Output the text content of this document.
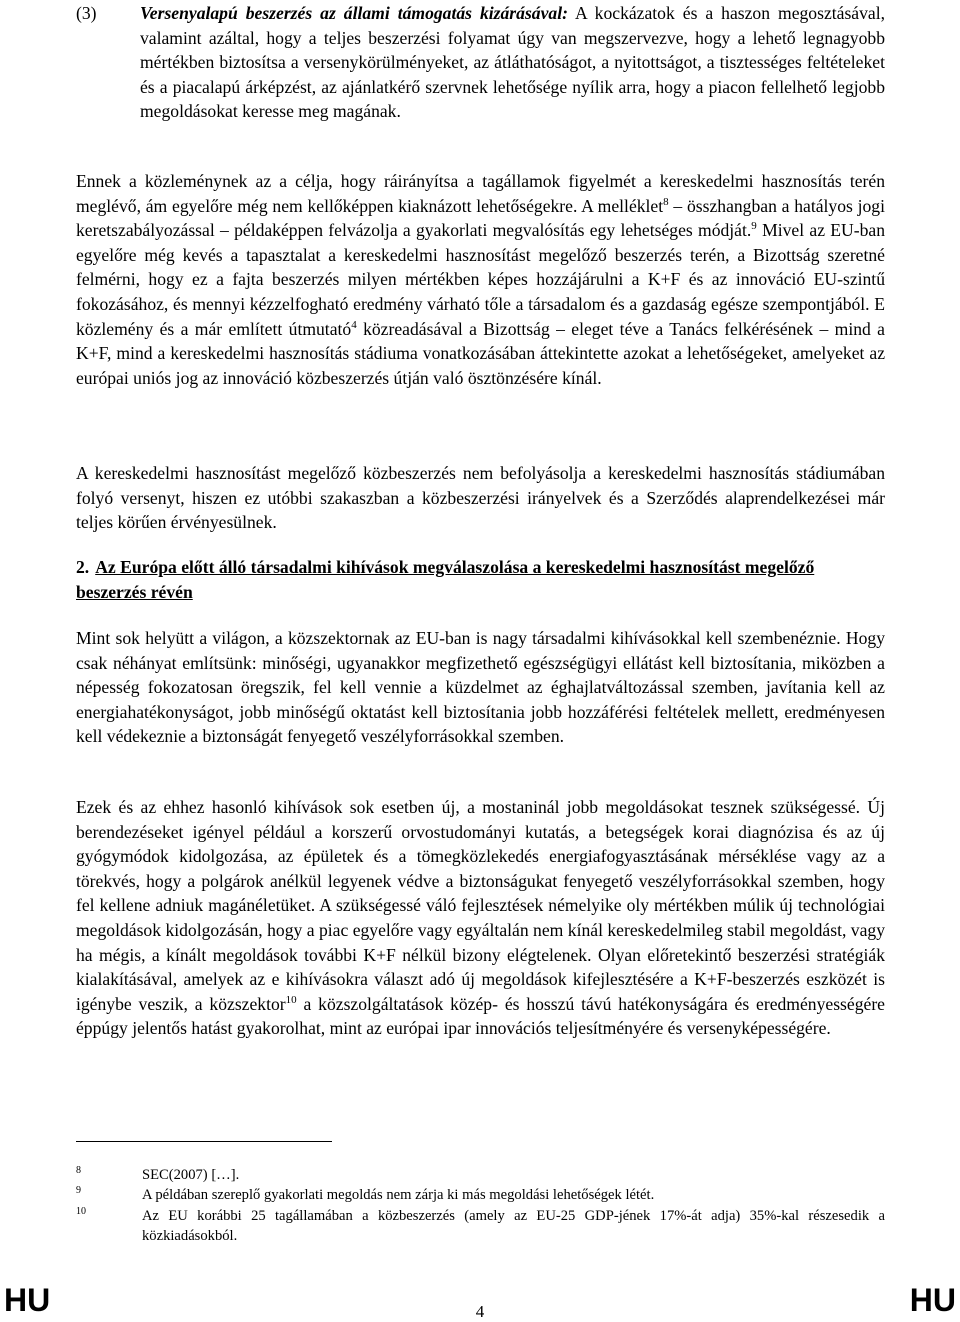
(3) Versenyalapú beszerzés az állami támogatás kizárásával: A kockázatok és a haszon megosztásával, valamint azáltal, hogy a teljes beszerzési folyamat úgy van megszervezve, hogy a lehető legnagyobb mértékben biztosítsa a versenykörülményeket, az átláthatóságot, a nyitottságot, a tisztességes feltételeket és a piacalapú árképzést, az ajánlatkérő szervnek lehetősége nyílik arra, hogy a piacon fellelhető legjobb megoldásokat keresse meg magának.

Ennek a közleménynek az a célja, hogy ráirányítsa a tagállamok figyelmét a kereskedelmi hasznosítás terén meglévő, ám egyelőre még nem kellőképpen kiaknázott lehetőségekre. A melléklet$^8$ – összhangban a hatályos jogi keretszabályozással – példaképpen felvázolja a gyakorlati megvalósítás egy lehetséges módját.$^9$ Mivel az EU-ban egyelőre még kevés a tapasztalat a kereskedelmi hasznosítást megelőző beszerzés terén, a Bizottság szeretné felmérni, hogy ez a fajta beszerzés milyen mértékben képes hozzájárulni a K+F és az innováció EU-szintű fokozásához, és mennyi kézzelfogható eredmény várható tőle a társadalom és a gazdaság egésze szempontjából. E közlemény és a már említett útmutató$^4$ közreadásával a Bizottság – eleget téve a Tanács felkérésének – mind a K+F, mind a kereskedelmi hasznosítás stádiuma vonatkozásában áttekintette azokat a lehetőségeket, amelyeket az európai uniós jog az innováció közbeszerzés útján való ösztönzésére kínál.

A kereskedelmi hasznosítást megelőző közbeszerzés nem befolyásolja a kereskedelmi hasznosítás stádiumában folyó versenyt, hiszen ez utóbbi szakaszban a közbeszerzési irányelvek és a Szerződés alaprendelkezései már teljes körűen érvényesülnek.

2. Az Európa előtt álló társadalmi kihívások megválaszolása a kereskedelmi hasznosítást megelőző beszerzés révén

Mint sok helyütt a világon, a közszektornak az EU-ban is nagy társadalmi kihívásokkal kell szembenéznie. Hogy csak néhányat említsünk: minőségi, ugyanakkor megfizethető egészségügyi ellátást kell biztosítania, miközben a népesség fokozatosan öregszik, fel kell vennie a küzdelmet az éghajlatváltozással szemben, javítania kell az energiahatékonyságot, jobb minőségű oktatást kell biztosítania jobb hozzáférési feltételek mellett, eredményesen kell védekeznie a biztonságát fenyegető veszélyforrásokkal szemben.

Ezek és az ehhez hasonló kihívások sok esetben új, a mostaninál jobb megoldásokat tesznek szükségessé. Új berendezéseket igényel például a korszerű orvostudományi kutatás, a betegségek korai diagnózisa és az új gyógymódok kidolgozása, az épületek és a tömegközlekedés energiafogyasztásának mérséklése vagy az a törekvés, hogy a polgárok anélkül legyenek védve a biztonságukat fenyegető veszélyforrásokkal szemben, hogy fel kellene adniuk magánéletüket. A szükségessé váló fejlesztések némelyike oly mértékben múlik új technológiai megoldások kidolgozásán, hogy a piac egyelőre vagy egyáltalán nem kínál kereskedelmileg stabil megoldást, vagy ha mégis, a kínált megoldások további K+F nélkül bizony elégtelenek. Olyan előretekintő beszerzési stratégiák kialakításával, amelyek az e kihívásokra választ adó új megoldások kifejlesztésére a K+F-beszerzés eszközét is igénybe veszik, a közszektor$^{10}$ a közszolgáltatások közép- és hosszú távú hatékonyságára és eredményességére éppúgy jelentős hatást gyakorolhat, mint az európai ipar innovációs teljesítményére és versenyképességére.

8	SEC(2007) […].
9	A példában szereplő gyakorlati megoldás nem zárja ki más megoldási lehetőségek létét.
10	Az EU korábbi 25 tagállamában a közbeszerzés (amely az EU-25 GDP-jének 17%-át adja) 35%-kal részesedik a közkiadásokból.
HU	4	HU
